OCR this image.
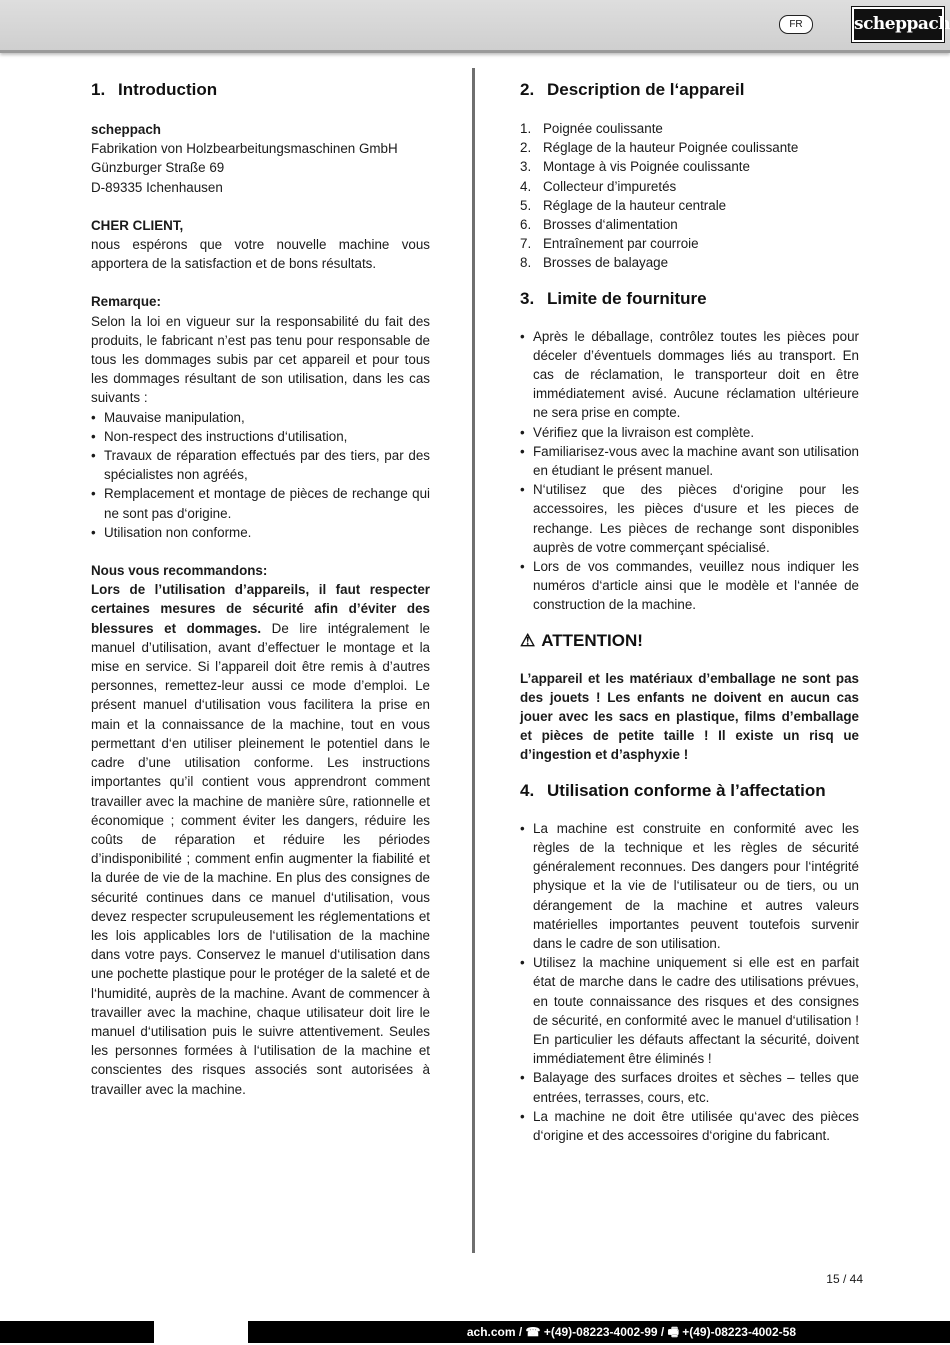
FR	scheppach
1. Introduction

scheppach

Fabrikation von Holzbearbeitungsmaschinen GmbH

Günzburger Straße 69

D-89335 Ichenhausen

CHER CLIENT,

nous espérons que votre nouvelle machine vous apportera de la satisfaction et de bons résultats.

Remarque:

Selon la loi en vigueur sur la responsabilité du fait des produits, le fabricant n’est pas tenu pour responsable de tous les dommages subis par cet appareil et pour tous les dommages résultant de son utilisation, dans les cas suivants :

• Mauvaise manipulation,
• Non-respect des instructions d‘utilisation,
• Travaux de réparation effectués par des tiers, par des spécialistes non agréés,
• Remplacement et montage de pièces de rechange qui ne sont pas d‘origine.
• Utilisation non conforme.

Nous vous recommandons:

Lors de l’utilisation d’appareils, il faut respecter certaines mesures de sécurité afin d’éviter des blessures et dommages. De lire intégralement le manuel d’utilisation, avant d’effectuer le montage et la mise en service. Si l’appareil doit être remis à d’autres personnes, remettez-leur aussi ce mode d’emploi. Le présent manuel d‘utilisation vous facilitera la prise en main et la connaissance de la machine, tout en vous permettant d‘en utiliser pleinement le potentiel dans le cadre d’une utilisation conforme. Les instructions importantes qu’il contient vous apprendront comment travailler avec la machine de manière sûre, rationnelle et économique ; comment éviter les dangers, réduire les coûts de réparation et réduire les périodes d’indisponibilité ; comment enfin augmenter la fiabilité et la durée de vie de la machine. En plus des consignes de sécurité continues dans ce manuel d‘utilisation, vous devez respecter scrupuleusement les réglementations et les lois applicables lors de l‘utilisation de la machine dans votre pays. Conservez le manuel d‘utilisation dans une pochette plastique pour le protéger de la saleté et de l‘humidité, auprès de la machine. Avant de commencer à travailler avec la machine, chaque utilisateur doit lire le manuel d‘utilisation puis le suivre attentivement. Seules les personnes formées à l‘utilisation de la machine et conscientes des risques associés sont autorisées à travailler avec la machine.

2. Description de l‘appareil
1. Poignée coulissante
2. Réglage de la hauteur Poignée coulissante
3. Montage à vis Poignée coulissante
4. Collecteur d’impuretés
5. Réglage de la hauteur centrale
6. Brosses d‘alimentation
7. Entraînement par courroie
8. Brosses de balayage
3. Limite de fourniture
• Après le déballage, contrôlez toutes les pièces pour déceler d’éventuels dommages liés au transport. En cas de réclamation, le transporteur doit en être immédiatement avisé. Aucune réclamation ultérieure ne sera prise en compte.
• Vérifiez que la livraison est complète.
• Familiarisez-vous avec la machine avant son utilisation en étudiant le présent manuel.
• N‘utilisez que des pièces d‘origine pour les accessoires, les pièces d‘usure et les pieces de rechange. Les pièces de rechange sont disponibles auprès de votre commerçant spécialisé.
• Lors de vos commandes, veuillez nous indiquer les numéros d‘article ainsi que le modèle et l‘année de construction de la machine.
⚠ ATTENTION!

L’appareil et les matériaux d’emballage ne sont pas des jouets ! Les enfants ne doivent en aucun cas jouer avec les sacs en plastique, films d’emballage et pièces de petite taille ! Il existe un risq ue d’ingestion et d’asphyxie !

4. Utilisation conforme à l’affectation
• La machine est construite en conformité avec les règles de la technique et les règles de sécurité généralement reconnues. Des dangers pour l‘intégrité physique et la vie de l‘utilisateur ou de tiers, ou un dérangement de la machine et autres valeurs matérielles importantes peuvent toutefois survenir dans le cadre de son utilisation.
• Utilisez la machine uniquement si elle est en parfait état de marche dans le cadre des utilisations prévues, en toute connaissance des risques et des consignes de sécurité, en conformité avec le manuel d‘utilisation ! En particulier les défauts affectant la sécurité, doivent immédiatement être éliminés !
• Balayage des surfaces droites et sèches – telles que entrées, terrasses, cours, etc.
• La machine ne doit être utilisée qu‘avec des pièces d‘origine et des accessoires d‘origine du fabricant.
15 / 44
ach.com / ☎ +(49)-08223-4002-99 / 🖷 +(49)-08223-4002-58
